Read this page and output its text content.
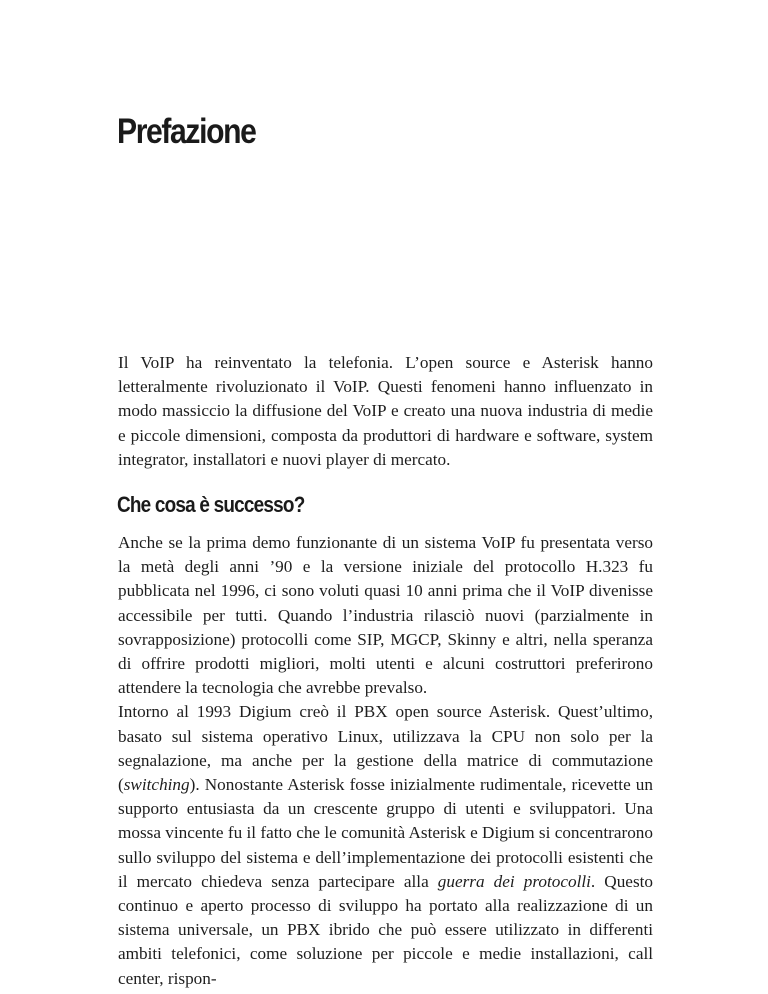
Prefazione

Il VoIP ha reinventato la telefonia. L’open source e Asterisk hanno letteralmente rivoluzionato il VoIP. Questi fenomeni hanno influenzato in modo massiccio la diffusione del VoIP e creato una nuova industria di medie e piccole dimensioni, composta da produttori di hardware e software, system integrator, installatori e nuovi player di mercato.

Che cosa è successo?

Anche se la prima demo funzionante di un sistema VoIP fu presentata verso la metà degli anni ’90 e la versione iniziale del protocollo H.323 fu pubblicata nel 1996, ci sono voluti quasi 10 anni prima che il VoIP divenisse accessibile per tutti. Quando l’industria rilasciò nuovi (parzialmente in sovrapposizione) protocolli come SIP, MGCP, Skinny e altri, nella speranza di offrire prodotti migliori, molti utenti e alcuni costruttori preferirono attendere la tecnologia che avrebbe prevalso.

Intorno al 1993 Digium creò il PBX open source Asterisk. Quest’ultimo, basato sul sistema operativo Linux, utilizzava la CPU non solo per la segnalazione, ma anche per la gestione della matrice di commutazione (switching). Nonostante Asterisk fosse inizialmente rudimentale, ricevette un supporto entusiasta da un crescente gruppo di utenti e sviluppatori. Una mossa vincente fu il fatto che le comunità Asterisk e Digium si concentrarono sullo sviluppo del sistema e dell’implementazione dei protocolli esistenti che il mercato chiedeva senza partecipare alla guerra dei protocolli. Questo continuo e aperto processo di sviluppo ha portato alla realizzazione di un sistema universale, un PBX ibrido che può essere utilizzato in differenti ambiti telefonici, come soluzione per piccole e medie installazioni, call center, rispon-
